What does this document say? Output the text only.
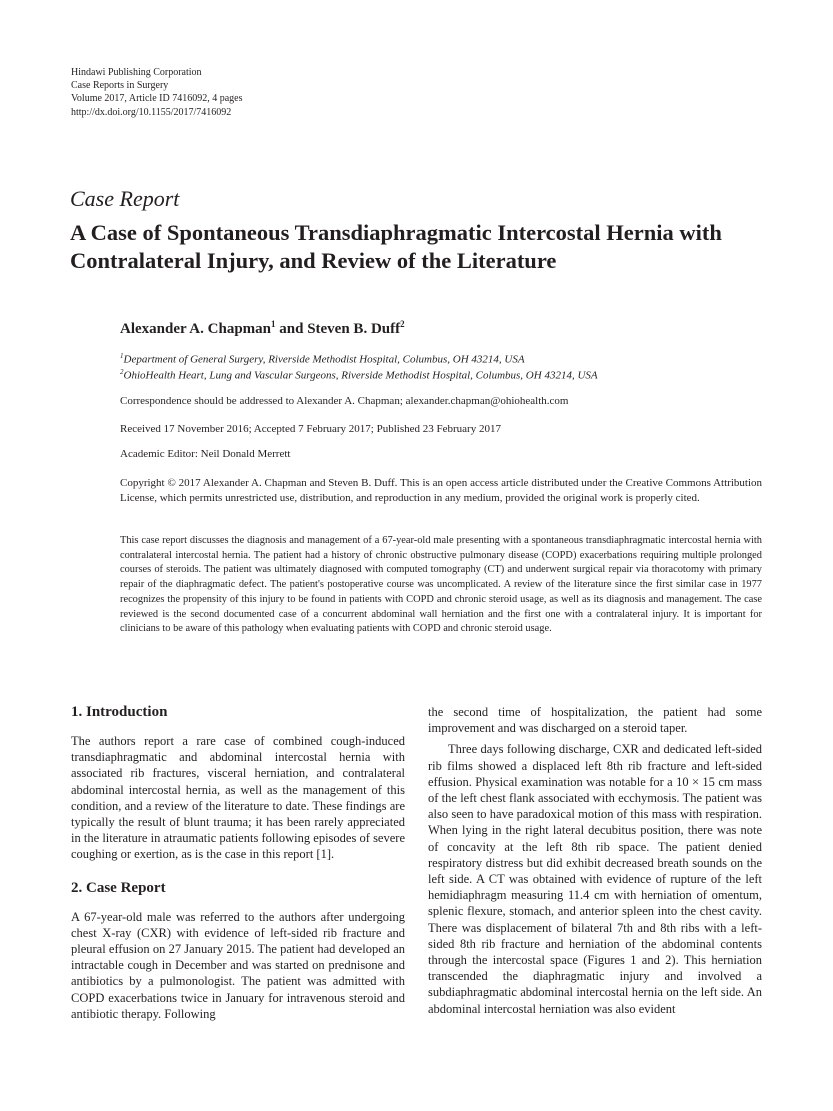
Hindawi Publishing Corporation
Case Reports in Surgery
Volume 2017, Article ID 7416092, 4 pages
http://dx.doi.org/10.1155/2017/7416092
Case Report
A Case of Spontaneous Transdiaphragmatic Intercostal Hernia with Contralateral Injury, and Review of the Literature
Alexander A. Chapman$^1$ and Steven B. Duff$^2$
$^1$Department of General Surgery, Riverside Methodist Hospital, Columbus, OH 43214, USA
$^2$OhioHealth Heart, Lung and Vascular Surgeons, Riverside Methodist Hospital, Columbus, OH 43214, USA
Correspondence should be addressed to Alexander A. Chapman; alexander.chapman@ohiohealth.com
Received 17 November 2016; Accepted 7 February 2017; Published 23 February 2017
Academic Editor: Neil Donald Merrett
Copyright © 2017 Alexander A. Chapman and Steven B. Duff. This is an open access article distributed under the Creative Commons Attribution License, which permits unrestricted use, distribution, and reproduction in any medium, provided the original work is properly cited.
This case report discusses the diagnosis and management of a 67-year-old male presenting with a spontaneous transdiaphragmatic intercostal hernia with contralateral intercostal hernia. The patient had a history of chronic obstructive pulmonary disease (COPD) exacerbations requiring multiple prolonged courses of steroids. The patient was ultimately diagnosed with computed tomography (CT) and underwent surgical repair via thoracotomy with primary repair of the diaphragmatic defect. The patient's postoperative course was uncomplicated. A review of the literature since the first similar case in 1977 recognizes the propensity of this injury to be found in patients with COPD and chronic steroid usage, as well as its diagnosis and management. The case reviewed is the second documented case of a concurrent abdominal wall herniation and the first one with a contralateral injury. It is important for clinicians to be aware of this pathology when evaluating patients with COPD and chronic steroid usage.
1. Introduction

The authors report a rare case of combined cough-induced transdiaphragmatic and abdominal intercostal hernia with associated rib fractures, visceral herniation, and contralateral abdominal intercostal hernia, as well as the management of this condition, and a review of the literature to date. These findings are typically the result of blunt trauma; it has been rarely appreciated in the literature in atraumatic patients following episodes of severe coughing or exertion, as is the case in this report [1].

2. Case Report

A 67-year-old male was referred to the authors after undergoing chest X-ray (CXR) with evidence of left-sided rib fracture and pleural effusion on 27 January 2015. The patient had developed an intractable cough in December and was started on prednisone and antibiotics by a pulmonologist. The patient was admitted with COPD exacerbations twice in January for intravenous steroid and antibiotic therapy. Following

the second time of hospitalization, the patient had some improvement and was discharged on a steroid taper.

Three days following discharge, CXR and dedicated left-sided rib films showed a displaced left 8th rib fracture and left-sided effusion. Physical examination was notable for a 10 × 15 cm mass of the left chest flank associated with ecchymosis. The patient was also seen to have paradoxical motion of this mass with respiration. When lying in the right lateral decubitus position, there was note of concavity at the left 8th rib space. The patient denied respiratory distress but did exhibit decreased breath sounds on the left side. A CT was obtained with evidence of rupture of the left hemidiaphragm measuring 11.4 cm with herniation of omentum, splenic flexure, stomach, and anterior spleen into the chest cavity. There was displacement of bilateral 7th and 8th ribs with a left-sided 8th rib fracture and herniation of the abdominal contents through the intercostal space (Figures 1 and 2). This herniation transcended the diaphragmatic injury and involved a subdiaphragmatic abdominal intercostal hernia on the left side. An abdominal intercostal herniation was also evident
